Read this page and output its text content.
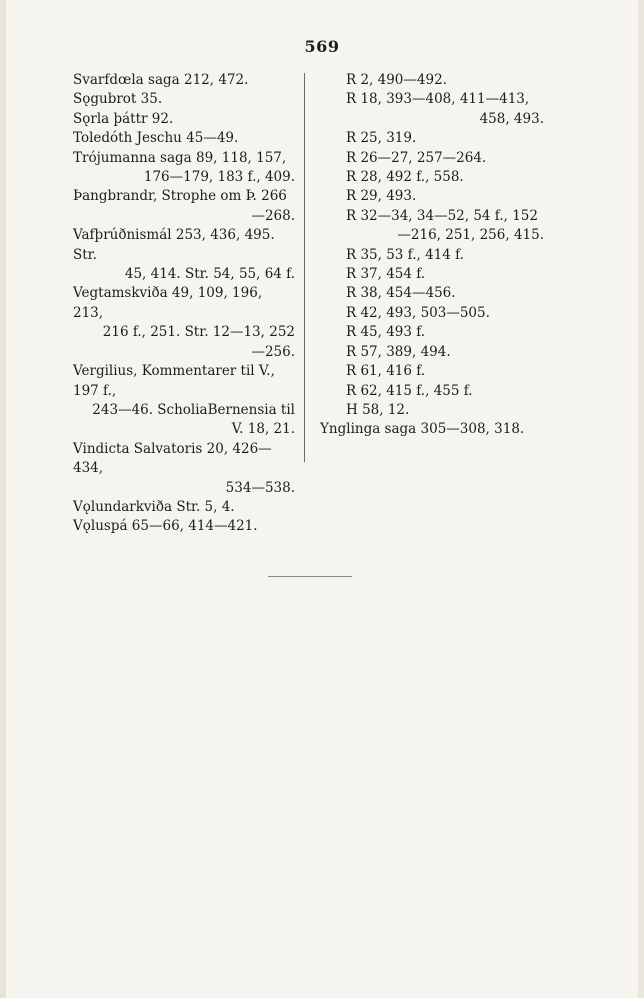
569
Svarfdœla saga 212, 472.
Sǫgubrot 35.
Sǫrla þáttr 92.
Toledóth Jeschu 45—49.
Trójumanna saga 89, 118, 157,
176—179, 183 f., 409.
Þangbrandr, Strophe om Þ. 266
—268.
Vafþrúðnismál 253, 436, 495. Str.
45, 414. Str. 54, 55, 64 f.
Vegtamskviða 49, 109, 196, 213,
216 f., 251. Str. 12—13, 252
—256.
Vergilius, Kommentarer til V., 197 f.,
243—46. ScholiaBernensia til
V. 18, 21.
Vindicta Salvatoris 20, 426—434,
534—538.
Vǫlundarkviða Str. 5, 4.
Vǫluspá 65—66, 414—421.
R 2, 490—492.
R 18, 393—408, 411—413,
458, 493.
R 25, 319.
R 26—27, 257—264.
R 28, 492 f., 558.
R 29, 493.
R 32—34, 34—52, 54 f., 152
—216, 251, 256, 415.
R 35, 53 f., 414 f.
R 37, 454 f.
R 38, 454—456.
R 42, 493, 503—505.
R 45, 493 f.
R 57, 389, 494.
R 61, 416 f.
R 62, 415 f., 455 f.
H 58, 12.
Ynglinga saga 305—308, 318.
